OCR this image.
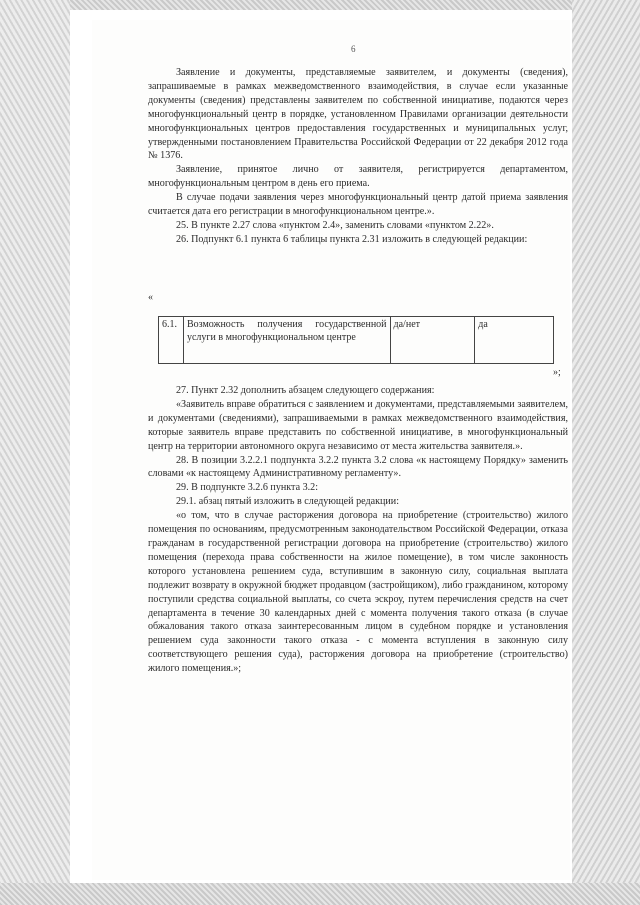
6

Заявление и документы, представляемые заявителем, и документы (сведения), запрашиваемые в рамках межведомственного взаимодействия, в случае если указанные документы (сведения) представлены заявителем по собственной инициативе, подаются через многофункциональный центр в порядке, установленном Правилами организации деятельности многофункциональных центров предоставления государственных и муниципальных услуг, утвержденными постановлением Правительства Российской Федерации от 22 декабря 2012 года № 1376.

Заявление, принятое лично от заявителя, регистрируется департаментом, многофункциональным центром в день его приема.

В случае подачи заявления через многофункциональный центр датой приема заявления считается дата его регистрации в многофункциональном центре.».

25. В пункте 2.27 слова «пунктом 2.4», заменить словами «пунктом 2.22».

26. Подпункт 6.1 пункта 6 таблицы пункта 2.31 изложить в следующей редакции:

«
6.1.	Возможность получения государственной услуги в многофункциональном центре	да/нет	да
»;

27. Пункт 2.32 дополнить абзацем следующего содержания:

«Заявитель вправе обратиться с заявлением и документами, представляемыми заявителем, и документами (сведениями), запрашиваемыми в рамках межведомственного взаимодействия, которые заявитель вправе представить по собственной инициативе, в многофункциональный центр на территории автономного округа независимо от места жительства заявителя.».

28. В позиции 3.2.2.1 подпункта 3.2.2 пункта 3.2 слова «к настоящему Порядку» заменить словами «к настоящему Административному регламенту».

29. В подпункте 3.2.6 пункта 3.2:

29.1. абзац пятый изложить в следующей редакции:

«о том, что в случае расторжения договора на приобретение (строительство) жилого помещения по основаниям, предусмотренным законодательством Российской Федерации, отказа гражданам в государственной регистрации договора на приобретение (строительство) жилого помещения (перехода права собственности на жилое помещение), в том числе законность которого установлена решением суда, вступившим в законную силу, социальная выплата подлежит возврату в окружной бюджет продавцом (застройщиком), либо гражданином, которому поступили средства социальной выплаты, со счета эскроу, путем перечисления средств на счет департамента в течение 30 календарных дней с момента получения такого отказа (в случае обжалования такого отказа заинтересованным лицом в судебном порядке и установления решением суда законности такого отказа - с момента вступления в законную силу соответствующего решения суда), расторжения договора на приобретение (строительство) жилого помещения.»;
